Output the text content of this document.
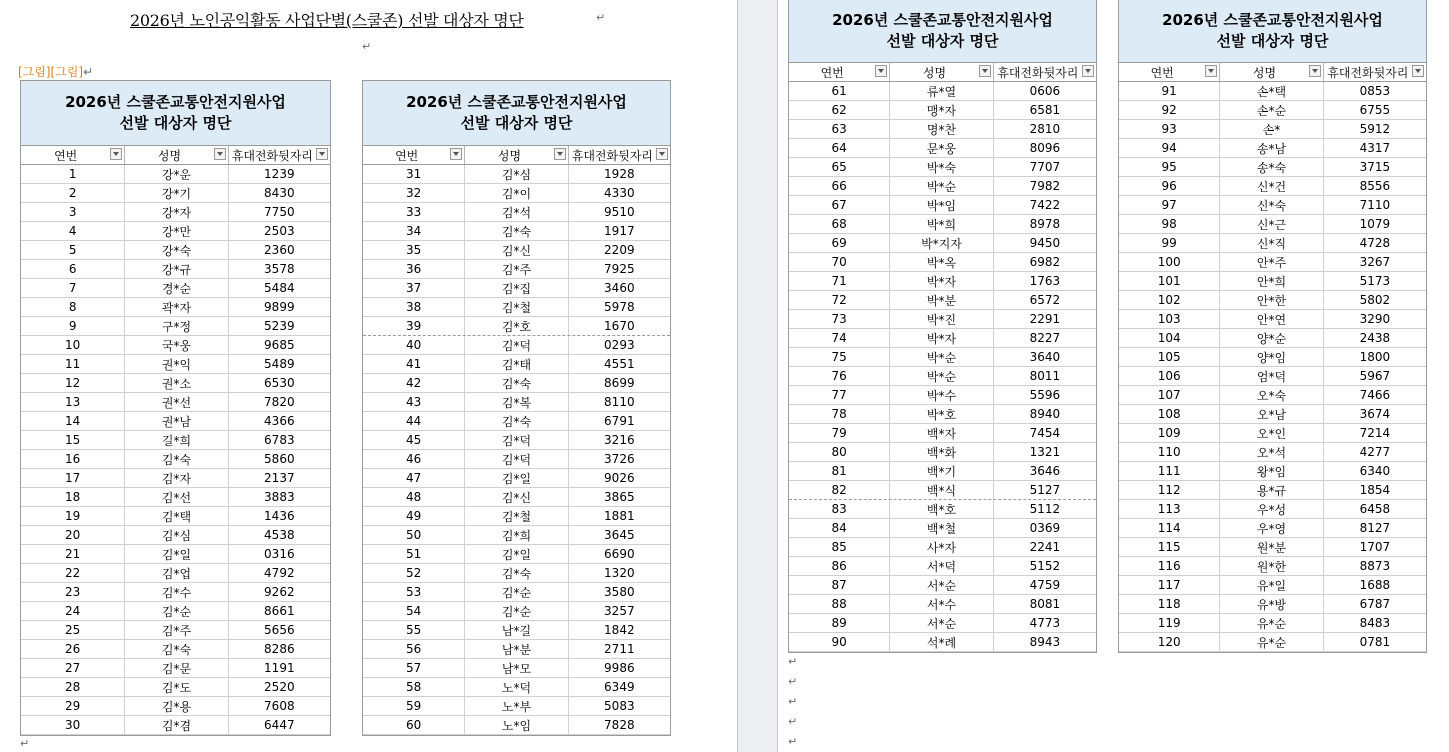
2026년 노인공익활동 사업단별(스쿨존) 선발 대상자 명단	↵
↵
[그림][그림]↵
2026년 스쿨존교통안전지원사업
선발 대상자 명단
연번	성명	휴대전화뒷자리
1	강*운	1239
2	강*기	8430
3	강*자	7750
4	강*만	2503
5	강*숙	2360
6	강*규	3578
7	경*순	5484
8	곽*자	9899
9	구*정	5239
10	국*웅	9685
11	권*익	5489
12	권*소	6530
13	권*선	7820
14	권*남	4366
15	길*희	6783
16	김*숙	5860
17	김*자	2137
18	김*선	3883
19	김*택	1436
20	김*심	4538
21	김*일	0316
22	김*업	4792
23	김*수	9262
24	김*순	8661
25	김*주	5656
26	김*숙	8286
27	김*문	1191
28	김*도	2520
29	김*용	7608
30	김*겸	6447
2026년 스쿨존교통안전지원사업
선발 대상자 명단
연번	성명	휴대전화뒷자리
31	김*심	1928
32	김*이	4330
33	김*석	9510
34	김*숙	1917
35	김*신	2209
36	김*주	7925
37	김*집	3460
38	김*철	5978
39	김*호	1670
40	김*덕	0293
41	김*태	4551
42	김*숙	8699
43	김*복	8110
44	김*숙	6791
45	김*덕	3216
46	김*덕	3726
47	김*일	9026
48	김*신	3865
49	김*철	1881
50	김*희	3645
51	김*일	6690
52	김*숙	1320
53	김*순	3580
54	김*순	3257
55	남*길	1842
56	남*분	2711
57	남*모	9986
58	노*덕	6349
59	노*부	5083
60	노*임	7828
↵
2026년 스쿨존교통안전지원사업
선발 대상자 명단
연번	성명	휴대전화뒷자리
61	류*열	0606
62	맹*자	6581
63	명*찬	2810
64	문*웅	8096
65	박*숙	7707
66	박*순	7982
67	박*임	7422
68	박*희	8978
69	박*지자	9450
70	박*옥	6982
71	박*자	1763
72	박*분	6572
73	박*진	2291
74	박*자	8227
75	박*순	3640
76	박*순	8011
77	박*수	5596
78	박*호	8940
79	백*자	7454
80	백*화	1321
81	백*기	3646
82	백*식	5127
83	백*호	5112
84	백*철	0369
85	사*자	2241
86	서*덕	5152
87	서*순	4759
88	서*수	8081
89	서*순	4773
90	석*례	8943
2026년 스쿨존교통안전지원사업
선발 대상자 명단
연번	성명	휴대전화뒷자리
91	손*택	0853
92	손*순	6755
93	손*	5912
94	송*남	4317
95	송*숙	3715
96	신*건	8556
97	신*숙	7110
98	신*근	1079
99	신*직	4728
100	안*주	3267
101	안*희	5173
102	안*한	5802
103	안*연	3290
104	양*순	2438
105	양*임	1800
106	엄*덕	5967
107	오*숙	7466
108	오*남	3674
109	오*인	7214
110	오*석	4277
111	왕*임	6340
112	용*규	1854
113	우*성	6458
114	우*영	8127
115	원*분	1707
116	원*한	8873
117	유*일	1688
118	유*방	6787
119	유*순	8483
120	유*순	0781
↵
↵
↵
↵
↵
